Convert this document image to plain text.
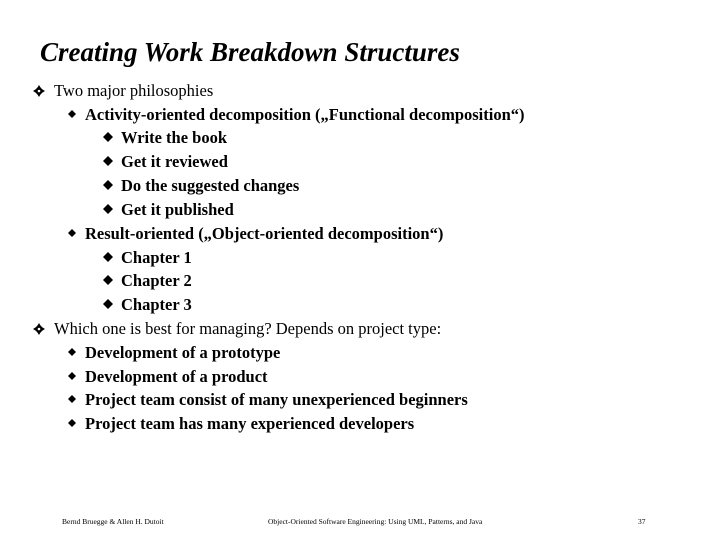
Creating Work Breakdown Structures
Two major philosophies
Activity-oriented decomposition („Functional decomposition“)
Write the book
Get it reviewed
Do the suggested changes
Get it published
Result-oriented („Object-oriented decomposition“)
Chapter 1
Chapter 2
Chapter 3
Which one is best for managing? Depends on project type:
Development of a prototype
Development of a product
Project team consist of many unexperienced beginners
Project team has many experienced developers
Bernd Bruegge & Allen H. Dutoit	Object-Oriented Software Engineering: Using UML, Patterns, and Java	37
